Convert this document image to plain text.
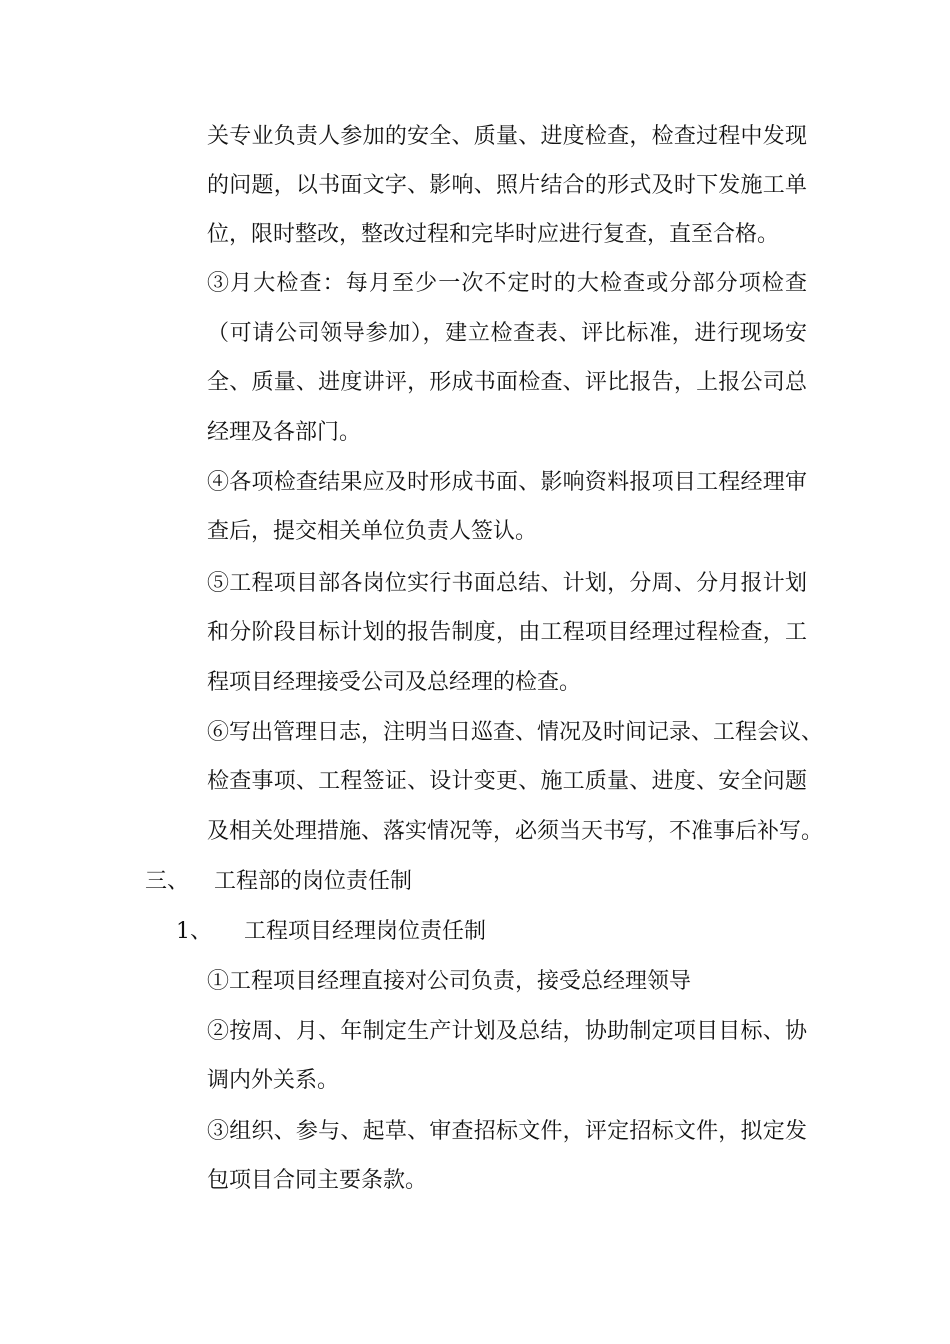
关专业负责人参加的安全、质量、进度检查，检查过程中发现
的问题，以书面文字、影响、照片结合的形式及时下发施工单
位，限时整改，整改过程和完毕时应进行复查，直至合格。
③月大检查：每月至少一次不定时的大检查或分部分项检查
（可请公司领导参加），建立检查表、评比标准，进行现场安
全、质量、进度讲评，形成书面检查、评比报告，上报公司总
经理及各部门。
④各项检查结果应及时形成书面、影响资料报项目工程经理审
查后，提交相关单位负责人签认。
⑤工程项目部各岗位实行书面总结、计划，分周、分月报计划
和分阶段目标计划的报告制度，由工程项目经理过程检查，工
程项目经理接受公司及总经理的检查。
⑥写出管理日志，注明当日巡查、情况及时间记录、工程会议、
检查事项、工程签证、设计变更、施工质量、进度、安全问题
及相关处理措施、落实情况等，必须当天书写，不准事后补写。
三、 工程部的岗位责任制
1、 工程项目经理岗位责任制
①工程项目经理直接对公司负责，接受总经理领导
②按周、月、年制定生产计划及总结，协助制定项目目标、协
调内外关系。
③组织、参与、起草、审查招标文件，评定招标文件，拟定发
包项目合同主要条款。
